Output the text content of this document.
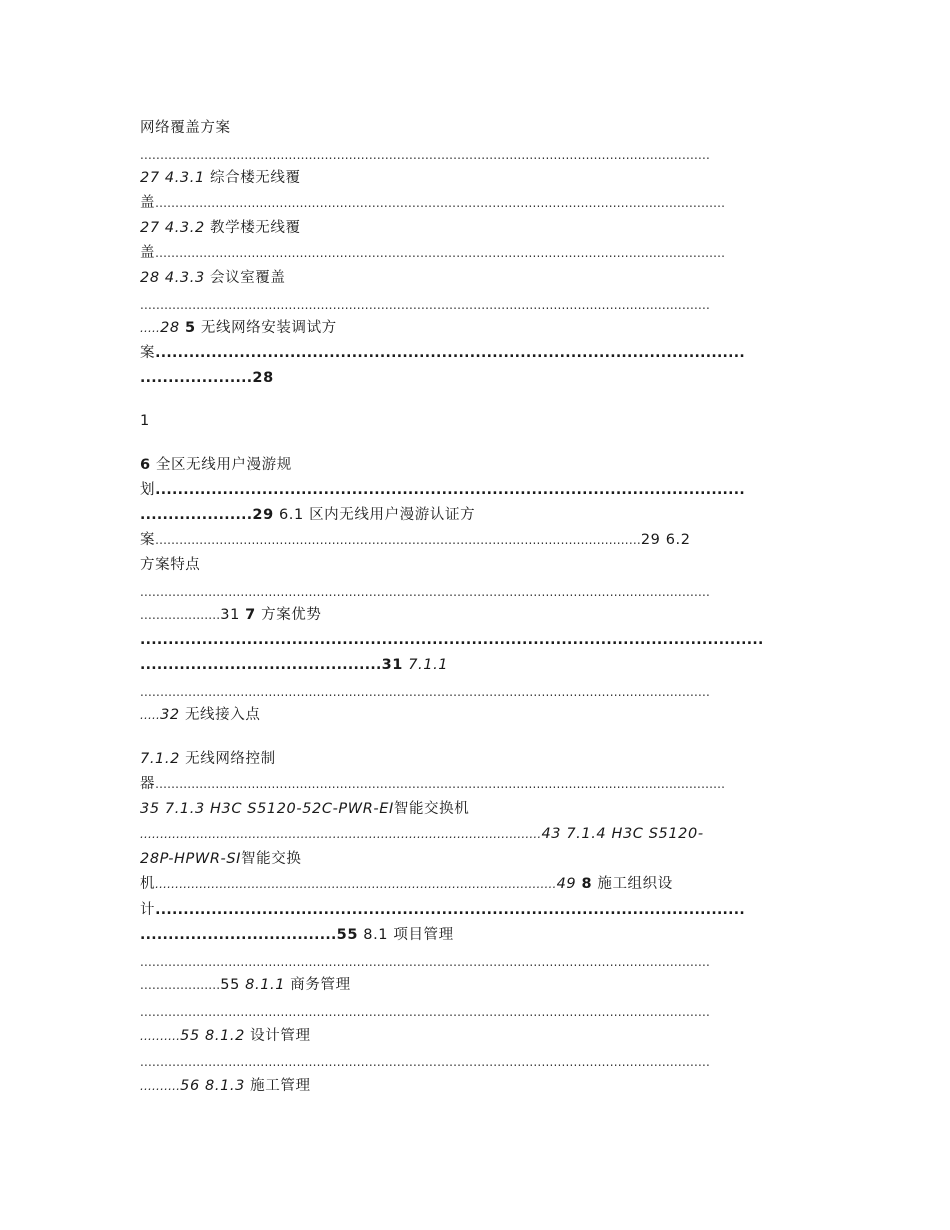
网络覆盖方案
..............................................................................................................................................
27 4.3.1 综合楼无线覆
盖..............................................................................................................................................
27 4.3.2 教学楼无线覆
盖..............................................................................................................................................
28 4.3.3 会议室覆盖
..............................................................................................................................................
.....28 5 无线网络安装调试方
案.........................................................................................................
....................28
1
6 全区无线用户漫游规
划.........................................................................................................
....................29 6.1 区内无线用户漫游认证方
案.........................................................................................................................29 6.2
方案特点
..............................................................................................................................................
....................31 7 方案优势
...............................................................................................................
...........................................31 7.1.1
..............................................................................................................................................
.....32 无线接入点
7.1.2 无线网络控制
器..............................................................................................................................................
35 7.1.3 H3C S5120-52C-PWR-EI智能交换机
....................................................................................................43 7.1.4 H3C S5120-
28P-HPWR-SI智能交换
机....................................................................................................49 8 施工组织设
计.........................................................................................................
...................................55 8.1 项目管理
..............................................................................................................................................
....................55 8.1.1 商务管理
..............................................................................................................................................
..........55 8.1.2 设计管理
..............................................................................................................................................
..........56 8.1.3 施工管理
